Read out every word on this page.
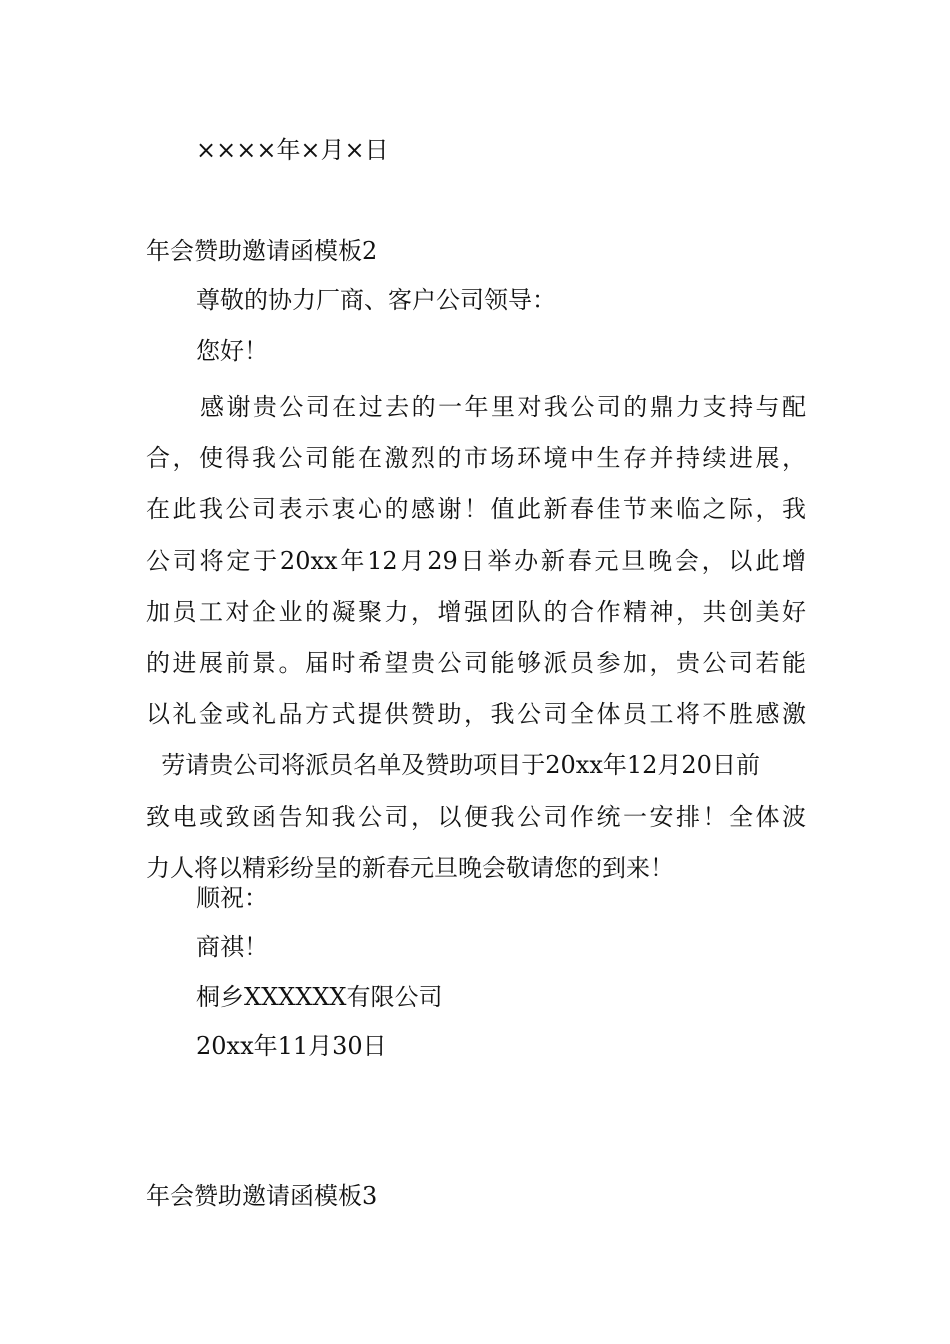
××××年×月×日
年会赞助邀请函模板2
尊敬的协力厂商、客户公司领导：
您好！
感谢贵公司在过去的一年里对我公司的鼎力支持与配
合，使得我公司能在激烈的市场环境中生存并持续进展，
在此我公司表示衷心的感谢！值此新春佳节来临之际，我
公司将定于20xx年12月29日举办新春元旦晚会，以此增
加员工对企业的凝聚力，增强团队的合作精神，共创美好
的进展前景。届时希望贵公司能够派员参加，贵公司若能
以礼金或礼品方式提供赞助，我公司全体员工将不胜感激
劳请贵公司将派员名单及赞助项目于20xx年12月20日前
致电或致函告知我公司，以便我公司作统一安排！全体波
力人将以精彩纷呈的新春元旦晚会敬请您的到来！
顺祝：
商祺！
桐乡XXXXXX有限公司
20xx年11月30日
年会赞助邀请函模板3
